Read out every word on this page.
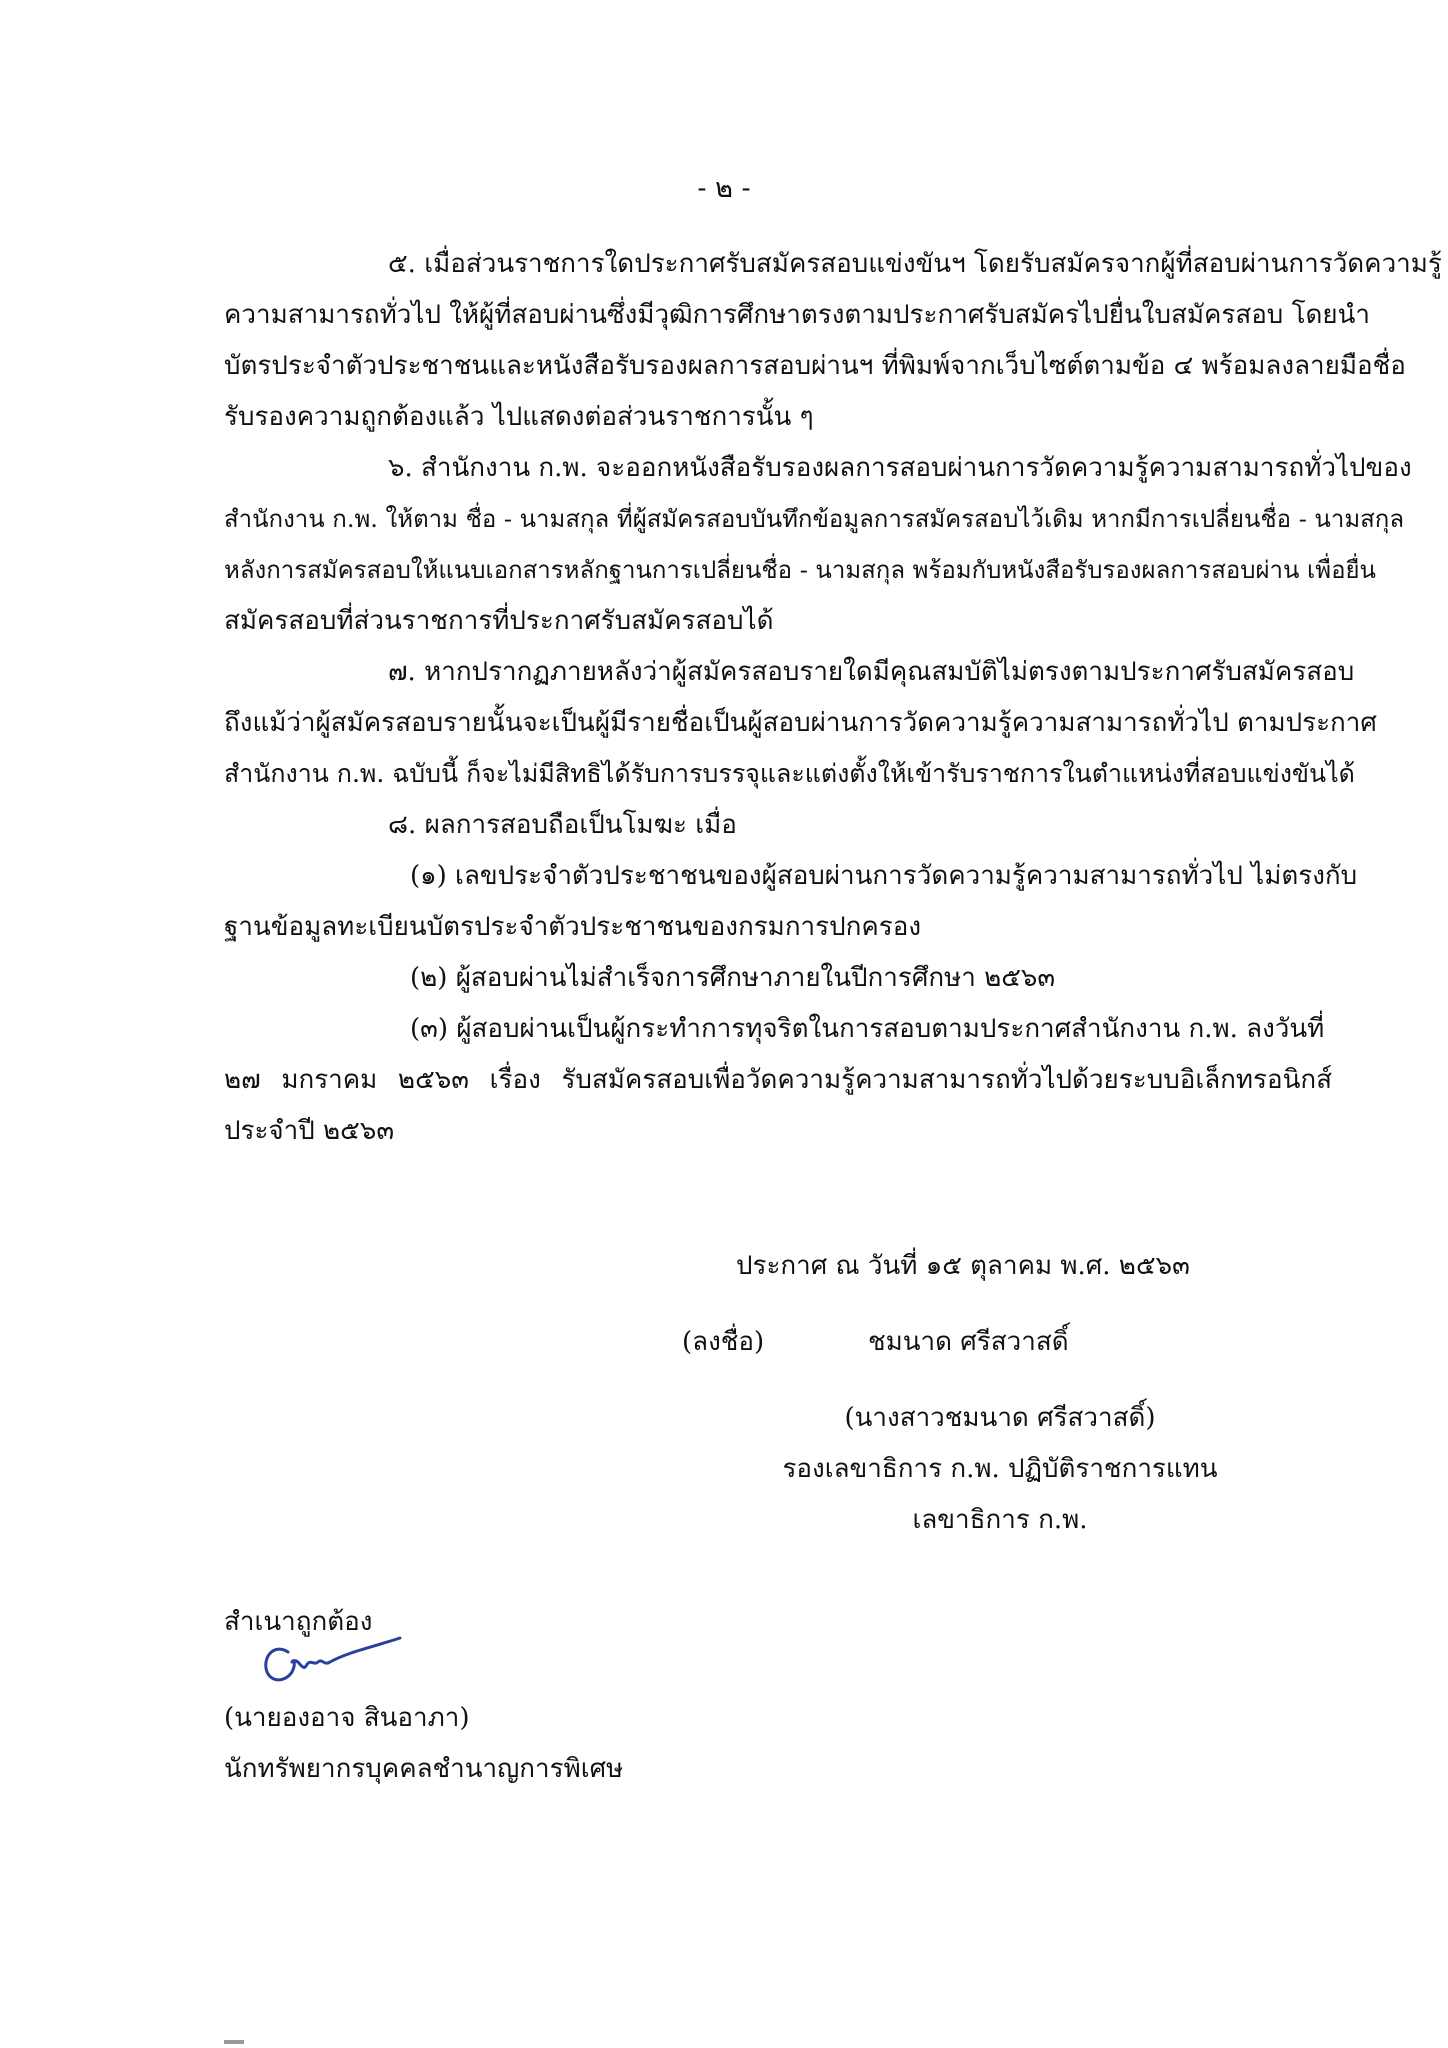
- ๒ -
๕. เมื่อส่วนราชการใดประกาศรับสมัครสอบแข่งขันฯ โดยรับสมัครจากผู้ที่สอบผ่านการวัดความรู้
ความสามารถทั่วไป ให้ผู้ที่สอบผ่านซึ่งมีวุฒิการศึกษาตรงตามประกาศรับสมัครไปยื่นใบสมัครสอบ โดยนำ
บัตรประจำตัวประชาชนและหนังสือรับรองผลการสอบผ่านฯ ที่พิมพ์จากเว็บไซต์ตามข้อ ๔ พร้อมลงลายมือชื่อ
รับรองความถูกต้องแล้ว ไปแสดงต่อส่วนราชการนั้น ๆ
๖. สำนักงาน ก.พ. จะออกหนังสือรับรองผลการสอบผ่านการวัดความรู้ความสามารถทั่วไปของ
สำนักงาน ก.พ. ให้ตาม ชื่อ - นามสกุล ที่ผู้สมัครสอบบันทึกข้อมูลการสมัครสอบไว้เดิม หากมีการเปลี่ยนชื่อ - นามสกุล
หลังการสมัครสอบให้แนบเอกสารหลักฐานการเปลี่ยนชื่อ - นามสกุล พร้อมกับหนังสือรับรองผลการสอบผ่าน เพื่อยื่น
สมัครสอบที่ส่วนราชการที่ประกาศรับสมัครสอบได้
๗. หากปรากฏภายหลังว่าผู้สมัครสอบรายใดมีคุณสมบัติไม่ตรงตามประกาศรับสมัครสอบ
ถึงแม้ว่าผู้สมัครสอบรายนั้นจะเป็นผู้มีรายชื่อเป็นผู้สอบผ่านการวัดความรู้ความสามารถทั่วไป ตามประกาศ
สำนักงาน ก.พ. ฉบับนี้ ก็จะไม่มีสิทธิได้รับการบรรจุและแต่งตั้งให้เข้ารับราชการในตำแหน่งที่สอบแข่งขันได้
๘. ผลการสอบถือเป็นโมฆะ เมื่อ
(๑) เลขประจำตัวประชาชนของผู้สอบผ่านการวัดความรู้ความสามารถทั่วไป ไม่ตรงกับ
ฐานข้อมูลทะเบียนบัตรประจำตัวประชาชนของกรมการปกครอง
(๒) ผู้สอบผ่านไม่สำเร็จการศึกษาภายในปีการศึกษา ๒๕๖๓
(๓) ผู้สอบผ่านเป็นผู้กระทำการทุจริตในการสอบตามประกาศสำนักงาน ก.พ. ลงวันที่
๒๗ มกราคม ๒๕๖๓ เรื่อง รับสมัครสอบเพื่อวัดความรู้ความสามารถทั่วไปด้วยระบบอิเล็กทรอนิกส์
ประจำปี ๒๕๖๓
ประกาศ ณ วันที่ ๑๕ ตุลาคม พ.ศ. ๒๕๖๓
(ลงชื่อ)	ชมนาด ศรีสวาสดิ์
(นางสาวชมนาด ศรีสวาสดิ์)
รองเลขาธิการ ก.พ. ปฏิบัติราชการแทน
เลขาธิการ ก.พ.
สำเนาถูกต้อง
(นายองอาจ สินอาภา)
นักทรัพยากรบุคคลชำนาญการพิเศษ
